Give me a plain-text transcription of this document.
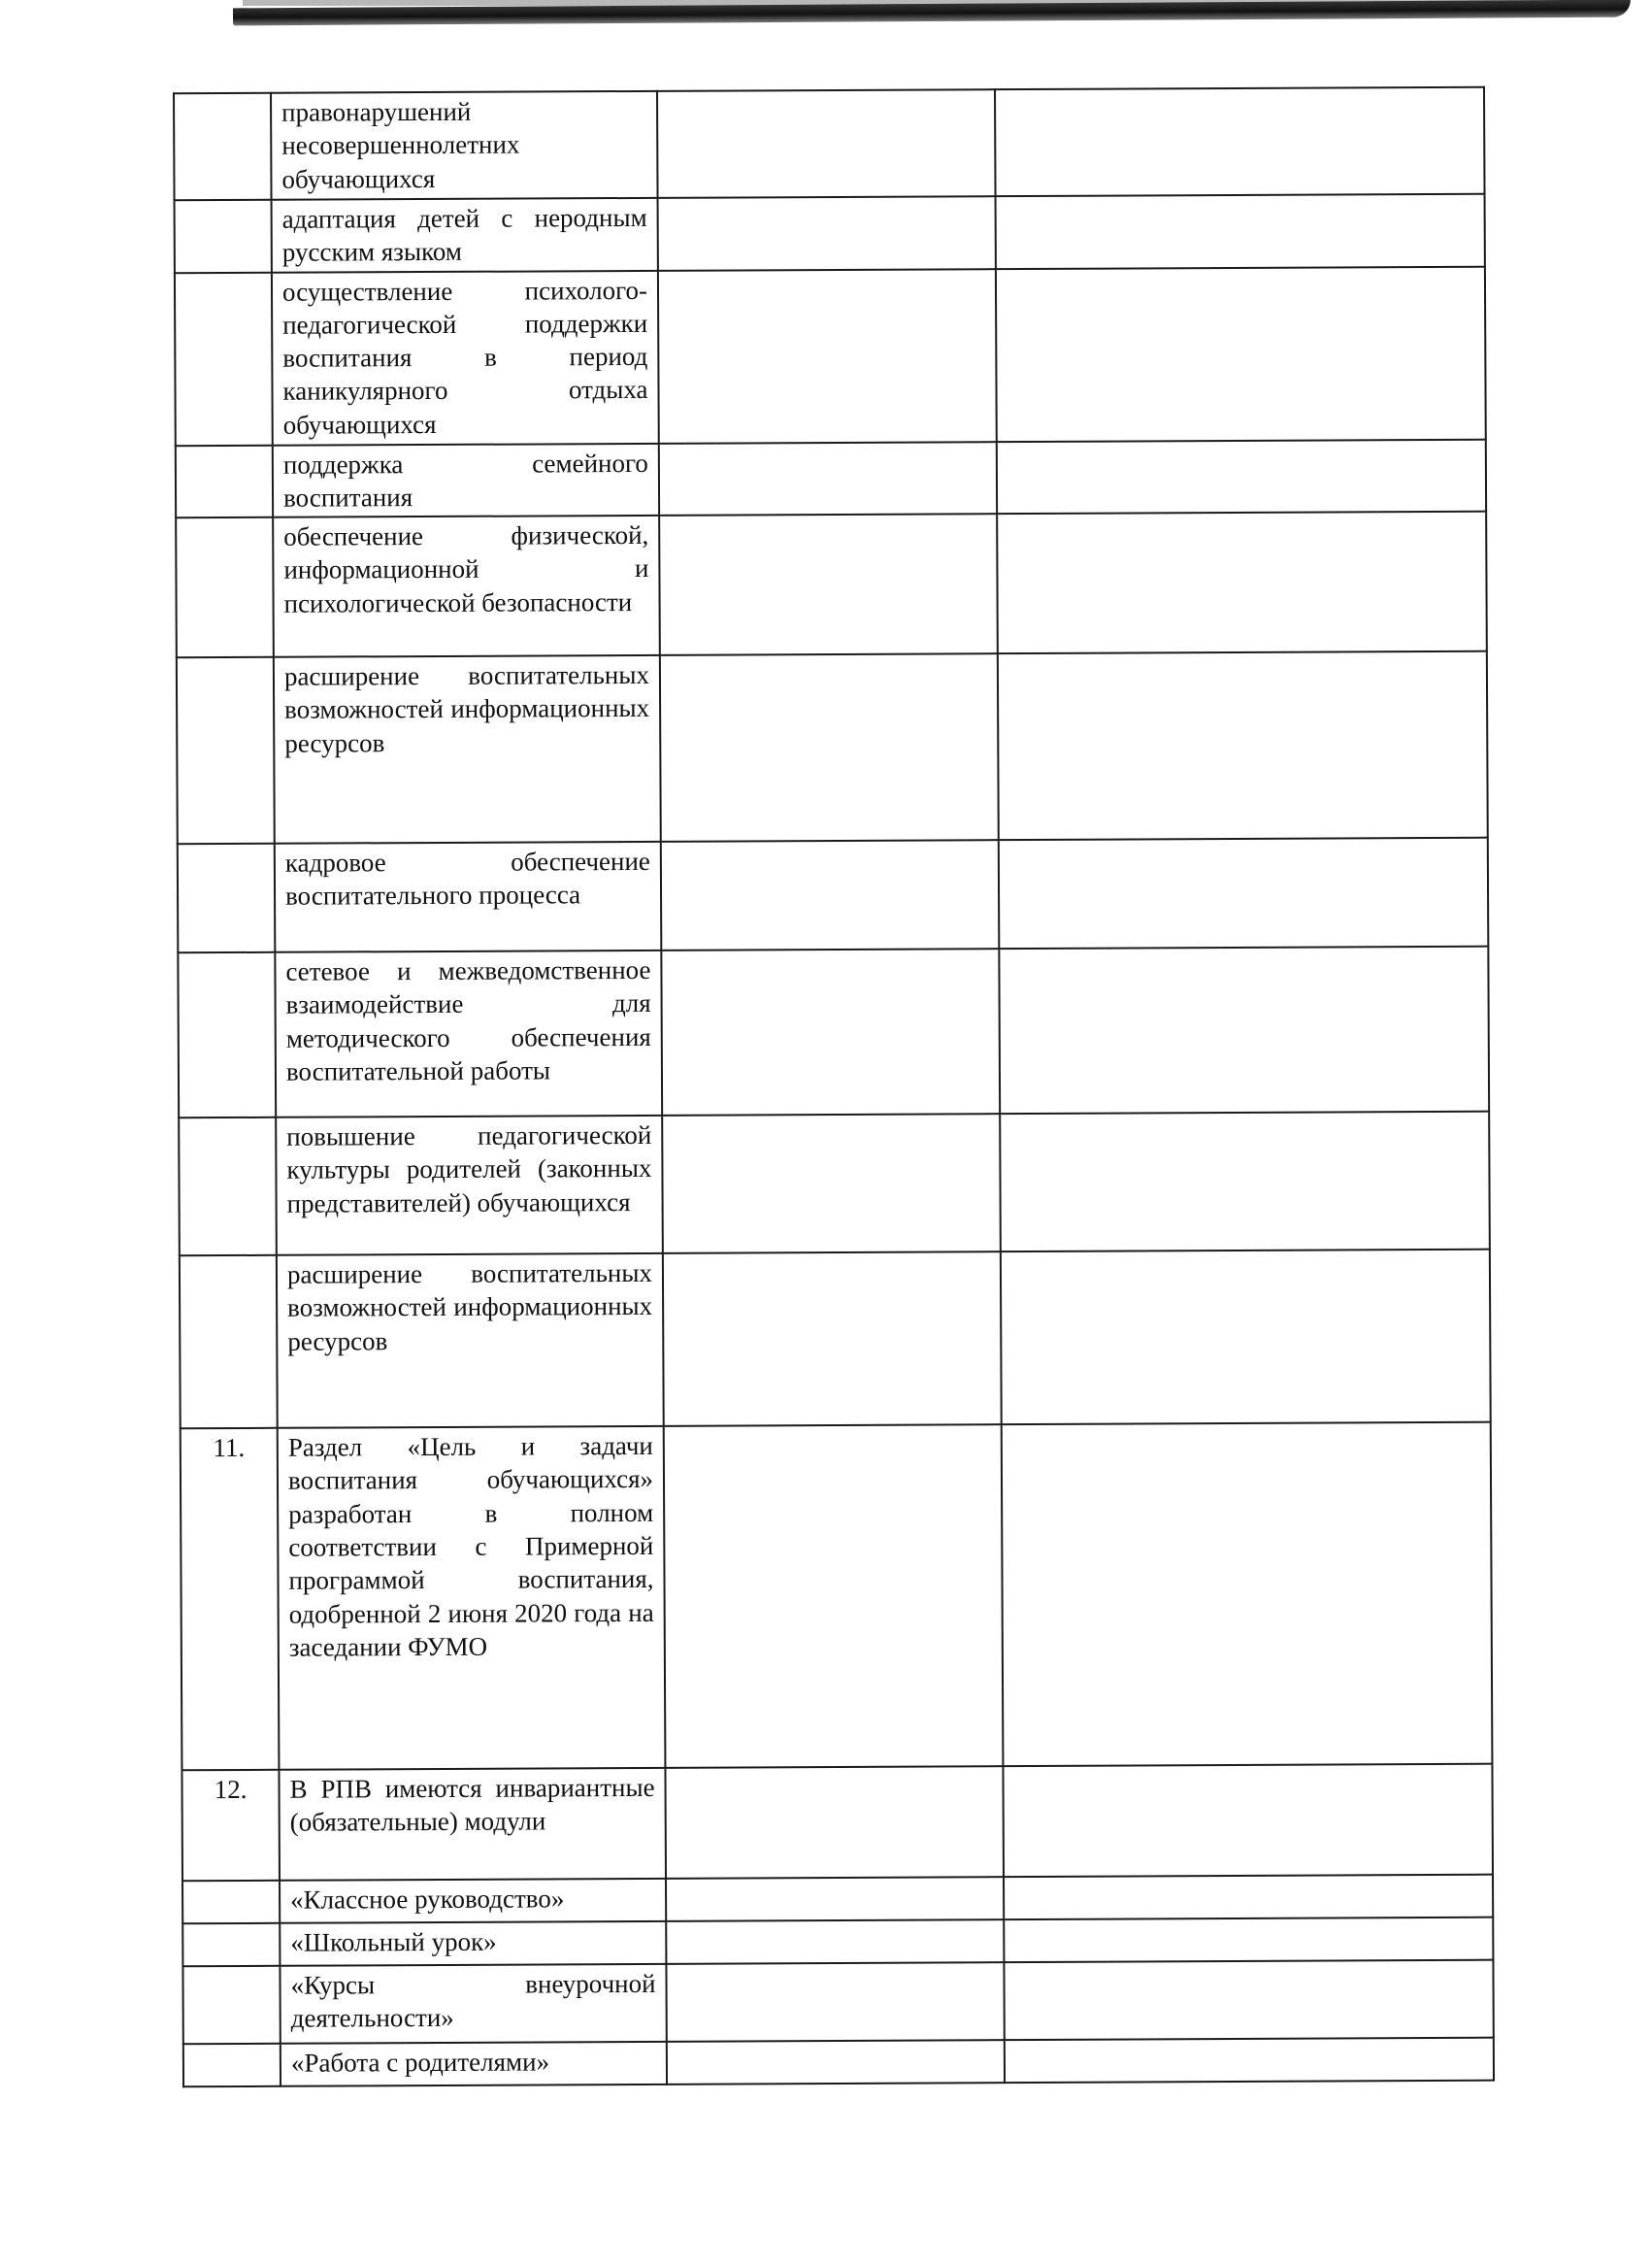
	правонарушений несовершеннолетних обучающихся		
	адаптация детей с неродным русским языком		
	осуществление психолого-педагогической поддержки воспитания в период каникулярного отдыха обучающихся		
	поддержка семейного воспитания		
	обеспечение физической, информационной и психологической безопасности		
	расширение воспитательных возможностей информационных ресурсов		
	кадровое обеспечение воспитательного процесса		
	сетевое и межведомственное взаимодействие для методического обеспечения воспитательной работы		
	повышение педагогической культуры родителей (законных представителей) обучающихся		
	расширение воспитательных возможностей информационных ресурсов		
11.	Раздел «Цель и задачи воспитания обучающихся» разработан в полном соответствии с Примерной программой воспитания, одобренной 2 июня 2020 года на заседании ФУМО		
12.	В РПВ имеются инвариантные (обязательные) модули		
	«Классное руководство»		
	«Школьный урок»		
	«Курсы внеурочной деятельности»		
	«Работа с родителями»		
